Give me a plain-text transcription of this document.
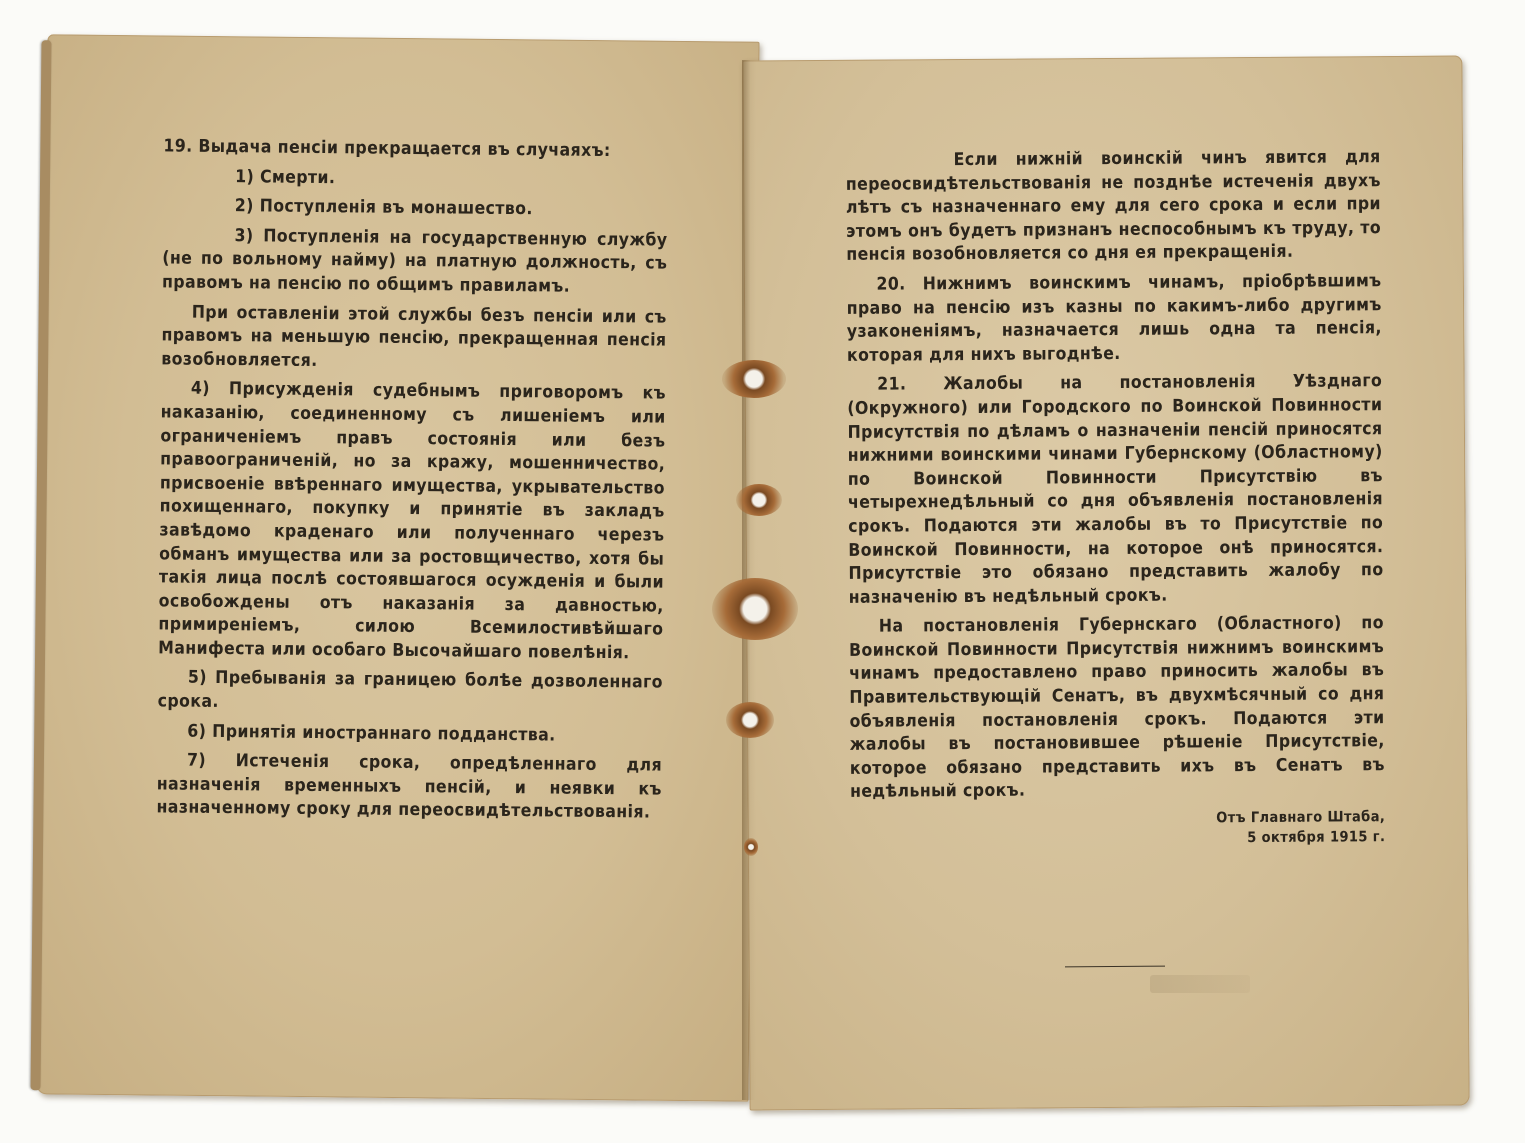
19. Выдача пенсіи прекращается въ случаяхъ:

1) Смерти.

2) Поступленія въ монашество.

3) Поступленія на государственную службу (не по вольному найму) на платную должность, съ правомъ на пенсію по общимъ правиламъ.

При оставленіи этой службы безъ пенсіи или съ правомъ на меньшую пенсію, прекращенная пенсія возобновляется.

4) Присужденія судебнымъ приговоромъ къ наказанію, соединенному съ лишеніемъ или ограниченіемъ правъ состоянія или безъ правоограниченій, но за кражу, мошенничество, присвоеніе ввѣреннаго имущества, укрывательство похищеннаго, покупку и принятіе въ закладъ завѣдомо краденаго или полученнаго черезъ обманъ имущества или за ростовщичество, хотя бы такія лица послѣ состоявшагося осужденія и были освобождены отъ наказанія за давностью, примиреніемъ, силою Всемилостивѣйшаго Манифеста или особаго Высочайшаго повелѣнія.

5) Пребыванія за границею болѣе дозволеннаго срока.

6) Принятія иностраннаго подданства.

7) Истеченія срока, опредѣленнаго для назначенія временныхъ пенсій, и неявки къ назначенному сроку для переосвидѣтельствованія.

Если нижній воинскій чинъ явится для переосвидѣтельствованія не позднѣе истеченія двухъ лѣтъ съ назначеннаго ему для сего срока и если при этомъ онъ будетъ признанъ неспособнымъ къ труду, то пенсія возобновляется со дня ея прекращенія.

20. Нижнимъ воинскимъ чинамъ, пріобрѣвшимъ право на пенсію изъ казны по какимъ-либо другимъ узаконеніямъ, назначается лишь одна та пенсія, которая для нихъ выгоднѣе.

21. Жалобы на постановленія Уѣзднаго (Окружного) или Городского по Воинской Повинности Присутствія по дѣламъ о назначеніи пенсій приносятся нижними воинскими чинами Губернскому (Областному) по Воинской Повинности Присутствію въ четырехнедѣльный со дня объявленія постановленія срокъ. Подаются эти жалобы въ то Присутствіе по Воинской Повинности, на которое онѣ приносятся. Присутствіе это обязано представить жалобу по назначенію въ недѣльный срокъ.

На постановленія Губернскаго (Областного) по Воинской Повинности Присутствія нижнимъ воинскимъ чинамъ предоставлено право приносить жалобы въ Правительствующій Сенатъ, въ двухмѣсячный со дня объявленія постановленія срокъ. Подаются эти жалобы въ постановившее рѣшеніе Присутствіе, которое обязано представить ихъ въ Сенатъ въ недѣльный срокъ.

Отъ Главнаго Штаба,

5 октября 1915 г.
